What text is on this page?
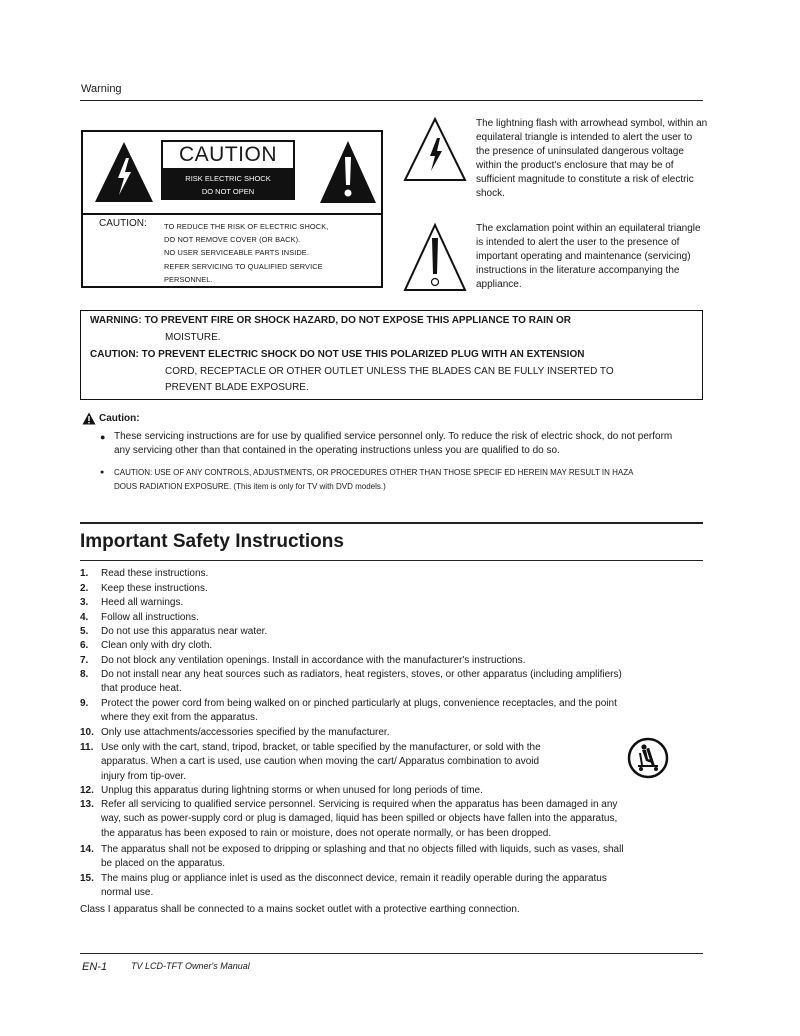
Warning
CAUTION
RISK ELECTRIC SHOCK
DO NOT OPEN
CAUTION: TO REDUCE THE RISK OF ELECTRIC SHOCK,
DO NOT REMOVE COVER (OR BACK).
NO USER SERVICEABLE PARTS INSIDE.
REFER SERVICING TO QUALIFIED SERVICE
PERSONNEL.
The lightning flash with arrowhead symbol, within an equilateral triangle is intended to alert the user to the presence of uninsulated dangerous voltage within the product's enclosure that may be of sufficient magnitude to constitute a risk of electric shock.
The exclamation point within an equilateral triangle is intended to alert the user to the presence of important operating and maintenance (servicing) instructions in the literature accompanying the appliance.
WARNING: TO PREVENT FIRE OR SHOCK HAZARD, DO NOT EXPOSE THIS APPLIANCE TO RAIN OR
MOISTURE.
CAUTION: TO PREVENT ELECTRIC SHOCK DO NOT USE THIS POLARIZED PLUG WITH AN EXTENSION
CORD, RECEPTACLE OR OTHER OUTLET UNLESS THE BLADES CAN BE FULLY INSERTED TO
PREVENT BLADE EXPOSURE.
Caution:
● These servicing instructions are for use by qualified service personnel only. To reduce the risk of electric shock, do not perform any servicing other than that contained in the operating instructions unless you are qualified to do so.
● CAUTION: USE OF ANY CONTROLS, ADJUSTMENTS, OR PROCEDURES OTHER THAN THOSE SPECIF ED HEREIN MAY RESULT IN HAZA DOUS RADIATION EXPOSURE. (This item is only for TV with DVD models.)
Important Safety Instructions
1.	Read these instructions.
2.	Keep these instructions.
3.	Heed all warnings.
4.	Follow all instructions.
5.	Do not use this apparatus near water.
6.	Clean only with dry cloth.
7.	Do not block any ventilation openings. Install in accordance with the manufacturer's instructions.
8.	Do not install near any heat sources such as radiators, heat registers, stoves, or other apparatus (including amplifiers) that produce heat.
9.	Protect the power cord from being walked on or pinched particularly at plugs, convenience receptacles, and the point where they exit from the apparatus.
10. Only use attachments/accessories specified by the manufacturer.
11. Use only with the cart, stand, tripod, bracket, or table specified by the manufacturer, or sold with the apparatus. When a cart is used, use caution when moving the cart/ Apparatus combination to avoid injury from tip-over.
12. Unplug this apparatus during lightning storms or when unused for long periods of time.
13. Refer all servicing to qualified service personnel. Servicing is required when the apparatus has been damaged in any way, such as power-supply cord or plug is damaged, liquid has been spilled or objects have fallen into the apparatus, the apparatus has been exposed to rain or moisture, does not operate normally, or has been dropped.
14. The apparatus shall not be exposed to dripping or splashing and that no objects filled with liquids, such as vases, shall be placed on the apparatus.
15. The mains plug or appliance inlet is used as the disconnect device, remain it readily operable during the apparatus normal use.
Class I apparatus shall be connected to a mains socket outlet with a protective earthing connection.
EN-1	TV LCD-TFT Owner's Manual
